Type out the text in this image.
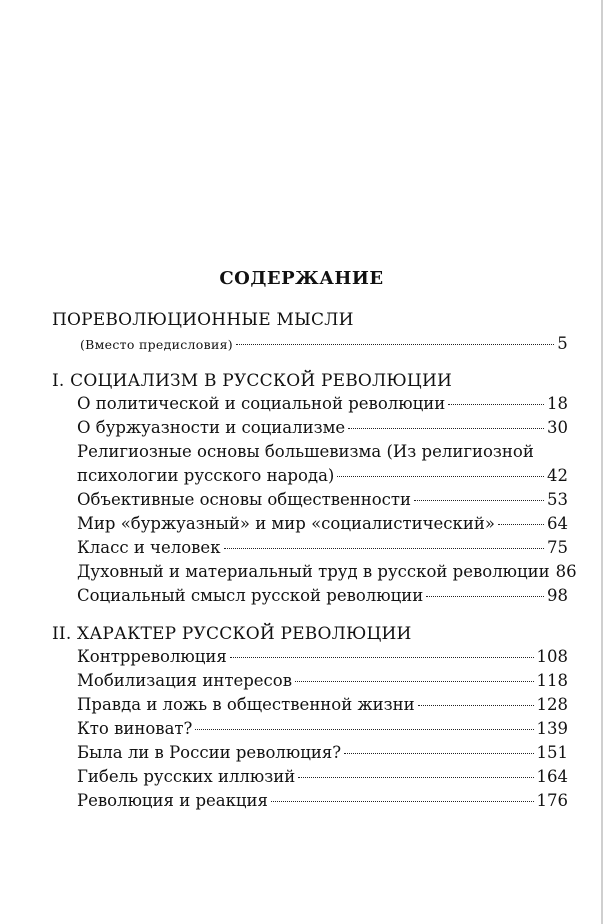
СОДЕРЖАНИЕ
ПОРЕВОЛЮЦИОННЫЕ МЫСЛИ
(Вместо предисловия)	5
I. СОЦИАЛИЗМ В РУССКОЙ РЕВОЛЮЦИИ
О политической и социальной революции	18
О буржуазности и социализме	30
Религиозные основы большевизма (Из религиозной
психологии русского народа)	42
Объективные основы общественности	53
Мир «буржуазный» и мир «социалистический»	64
Класс и человек	75
Духовный и материальный труд в русской революции 86
Социальный смысл русской революции	98
II. ХАРАКТЕР РУССКОЙ РЕВОЛЮЦИИ
Контрреволюция	108
Мобилизация интересов	118
Правда и ложь в общественной жизни	128
Кто виноват?	139
Была ли в России революция?	151
Гибель русских иллюзий	164
Революция и реакция	176
